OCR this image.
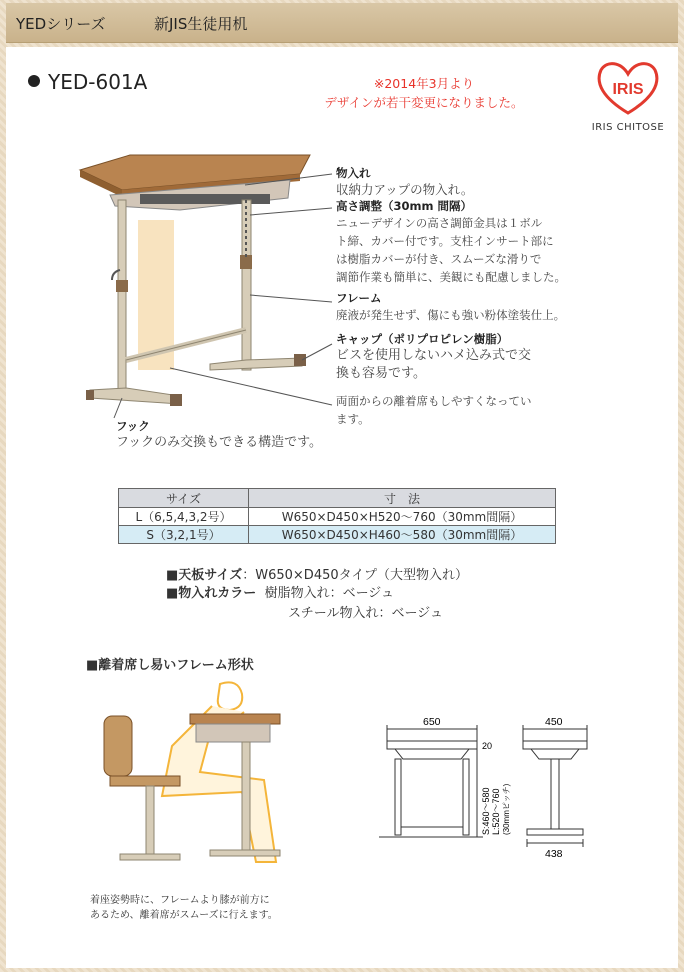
YEDシリーズ	新JIS生徒用机
YED-601A	※2014年3月より
デザインが若干変更になりました。
IRIS
IRIS CHITOSE
物入れ
収納力アップの物入れ。
高さ調整（30mm 間隔）
ニューデザインの高さ調節金具は１ボル
ト締、カバー付です。支柱インサート部に
は樹脂カバーが付き、スムーズな滑りで
調節作業も簡単に、美観にも配慮しました。
フレーム
廃液が発生せず、傷にも強い粉体塗装仕上。
キャップ（ポリプロピレン樹脂）
ビスを使用しないハメ込み式で交
換も容易です。
両面からの離着席もしやすくなってい
ます。
フック
フックのみ交換もできる構造です。
サイズ	寸　法
L（6,5,4,3,2号）	W650×D450×H520～760（30mm間隔）
S（3,2,1号）	W650×D450×H460～580（30mm間隔）
■天板サイズ：W650×D450タイプ（大型物入れ）
■物入れカラー 樹脂物入れ：ベージュ
スチール物入れ：ベージュ
■離着席し易いフレーム形状
着座姿勢時に、フレームより膝が前方に
あるため、離着席がスムーズに行えます。
650	450
438
20
S:460～580 L:520～760 (30mmピッチ)
